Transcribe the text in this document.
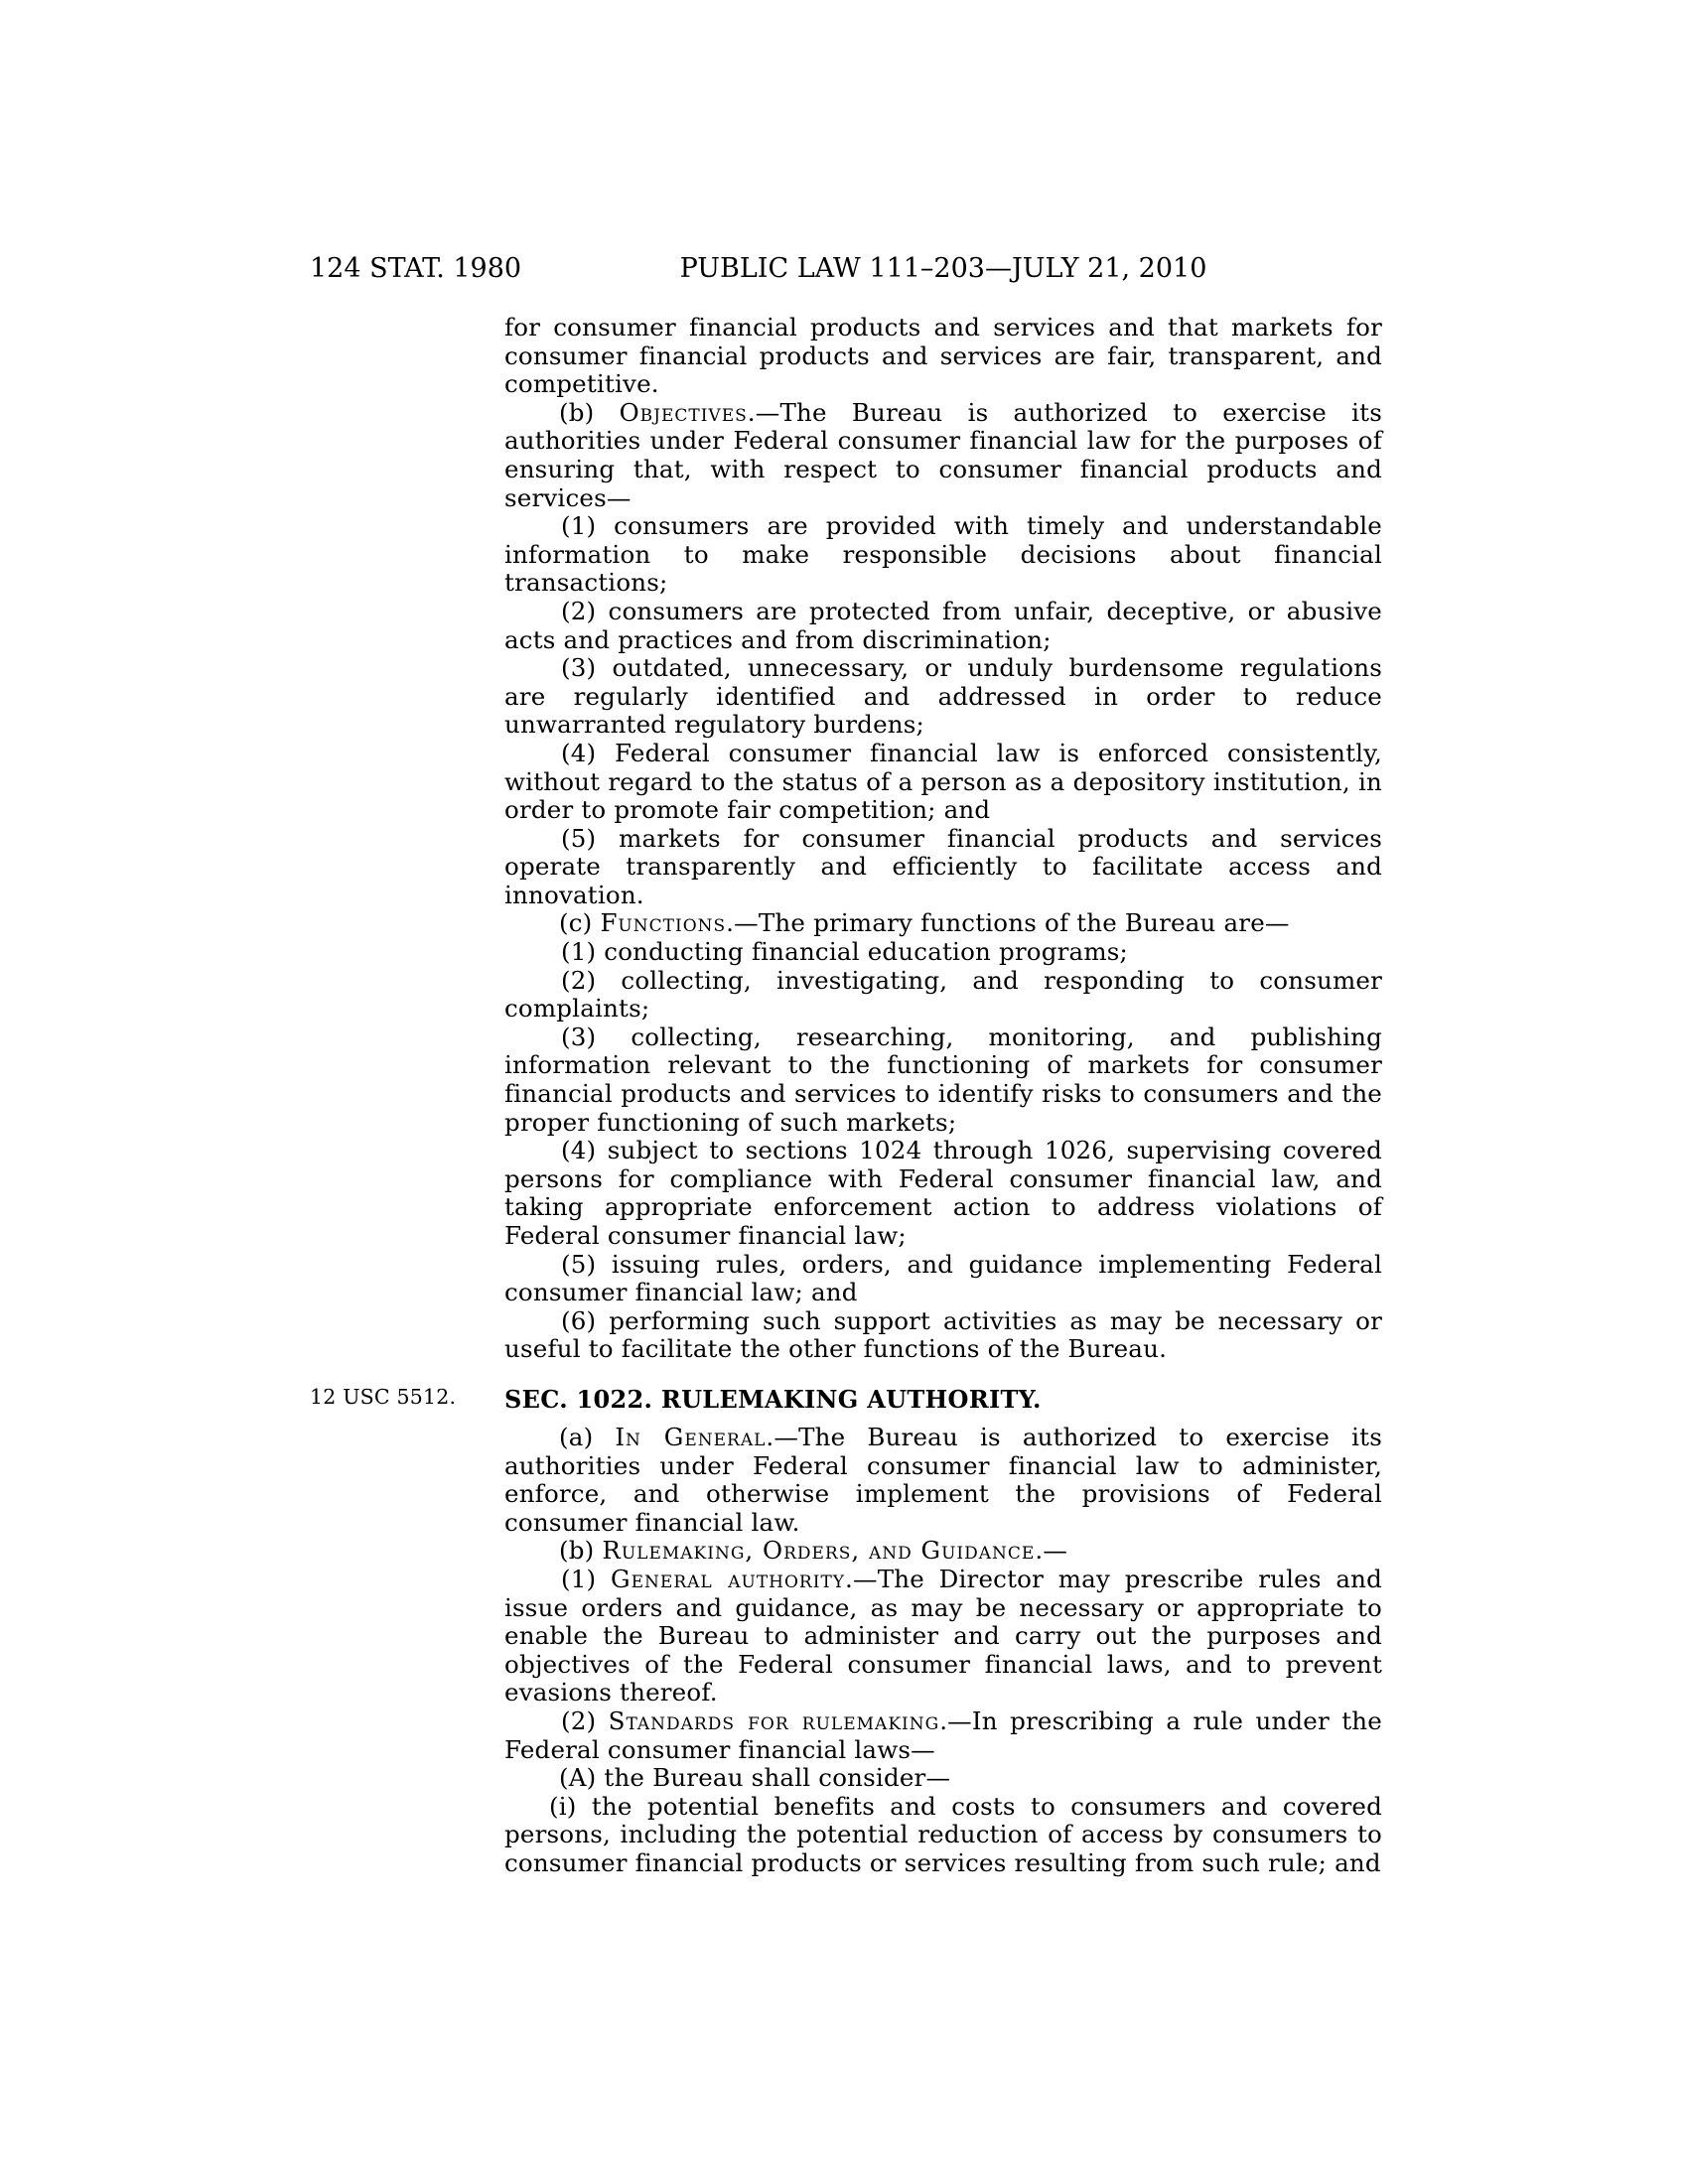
124 STAT. 1980	PUBLIC LAW 111–203—JULY 21, 2010

for consumer financial products and services and that markets for consumer financial products and services are fair, transparent, and competitive.

(b) Objectives.—The Bureau is authorized to exercise its authorities under Federal consumer financial law for the purposes of ensuring that, with respect to consumer financial products and services—

(1) consumers are provided with timely and understandable information to make responsible decisions about financial transactions;

(2) consumers are protected from unfair, deceptive, or abusive acts and practices and from discrimination;

(3) outdated, unnecessary, or unduly burdensome regulations are regularly identified and addressed in order to reduce unwarranted regulatory burdens;

(4) Federal consumer financial law is enforced consistently, without regard to the status of a person as a depository institution, in order to promote fair competition; and

(5) markets for consumer financial products and services operate transparently and efficiently to facilitate access and innovation.

(c) Functions.—The primary functions of the Bureau are—

(1) conducting financial education programs;

(2) collecting, investigating, and responding to consumer complaints;

(3) collecting, researching, monitoring, and publishing information relevant to the functioning of markets for consumer financial products and services to identify risks to consumers and the proper functioning of such markets;

(4) subject to sections 1024 through 1026, supervising covered persons for compliance with Federal consumer financial law, and taking appropriate enforcement action to address violations of Federal consumer financial law;

(5) issuing rules, orders, and guidance implementing Federal consumer financial law; and

(6) performing such support activities as may be necessary or useful to facilitate the other functions of the Bureau.

12 USC 5512.	SEC. 1022. RULEMAKING AUTHORITY.

(a) In General.—The Bureau is authorized to exercise its authorities under Federal consumer financial law to administer, enforce, and otherwise implement the provisions of Federal consumer financial law.

(b) Rulemaking, Orders, and Guidance.—

(1) General authority.—The Director may prescribe rules and issue orders and guidance, as may be necessary or appropriate to enable the Bureau to administer and carry out the purposes and objectives of the Federal consumer financial laws, and to prevent evasions thereof.

(2) Standards for rulemaking.—In prescribing a rule under the Federal consumer financial laws—

(A) the Bureau shall consider—

(i) the potential benefits and costs to consumers and covered persons, including the potential reduction of access by consumers to consumer financial products or services resulting from such rule; and
